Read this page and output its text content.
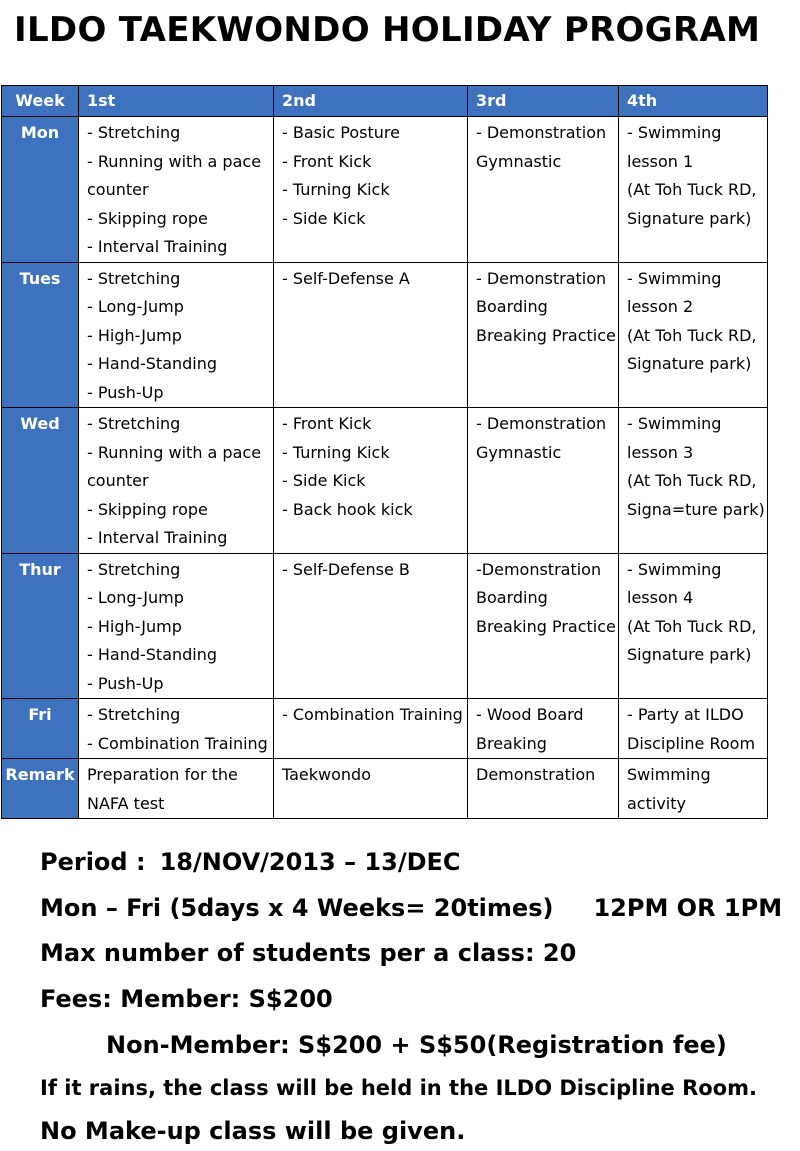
ILDO TAEKWONDO HOLIDAY PROGRAM
Week	1st	2nd	3rd	4th
Mon	- Stretching
- Running with a pace
counter
- Skipping rope
- Interval Training	- Basic Posture
- Front Kick
- Turning Kick
- Side Kick	- Demonstration
Gymnastic	- Swimming
lesson 1
(At Toh Tuck RD,
Signature park)

Tues	- Stretching
- Long-Jump
- High-Jump
- Hand-Standing
- Push-Up	- Self-Defense A	- Demonstration
Boarding
Breaking Practice	- Swimming
lesson 2
(At Toh Tuck RD,
Signature park)

Wed	- Stretching
- Running with a pace
counter
- Skipping rope
- Interval Training	- Front Kick
- Turning Kick
- Side Kick
- Back hook kick	- Demonstration
Gymnastic	- Swimming
lesson 3
(At Toh Tuck RD,
Signa=ture park)

Thur	- Stretching
- Long-Jump
- High-Jump
- Hand-Standing
- Push-Up	- Self-Defense B	-Demonstration
Boarding
Breaking Practice	- Swimming
lesson 4
(At Toh Tuck RD,
Signature park)

Fri	- Stretching
- Combination Training	- Combination Training	- Wood Board
Breaking	- Party at ILDO
Discipline Room

Remark	Preparation for the
NAFA test	Taekwondo	Demonstration	Swimming
activity
Period : 18/NOV/2013 – 13/DEC
Mon – Fri (5days x 4 Weeks= 20times) 12PM OR 1PM
Max number of students per a class: 20
Fees: Member: S$200
Non-Member: S$200 + S$50(Registration fee)
If it rains, the class will be held in the ILDO Discipline Room.
No Make-up class will be given.
